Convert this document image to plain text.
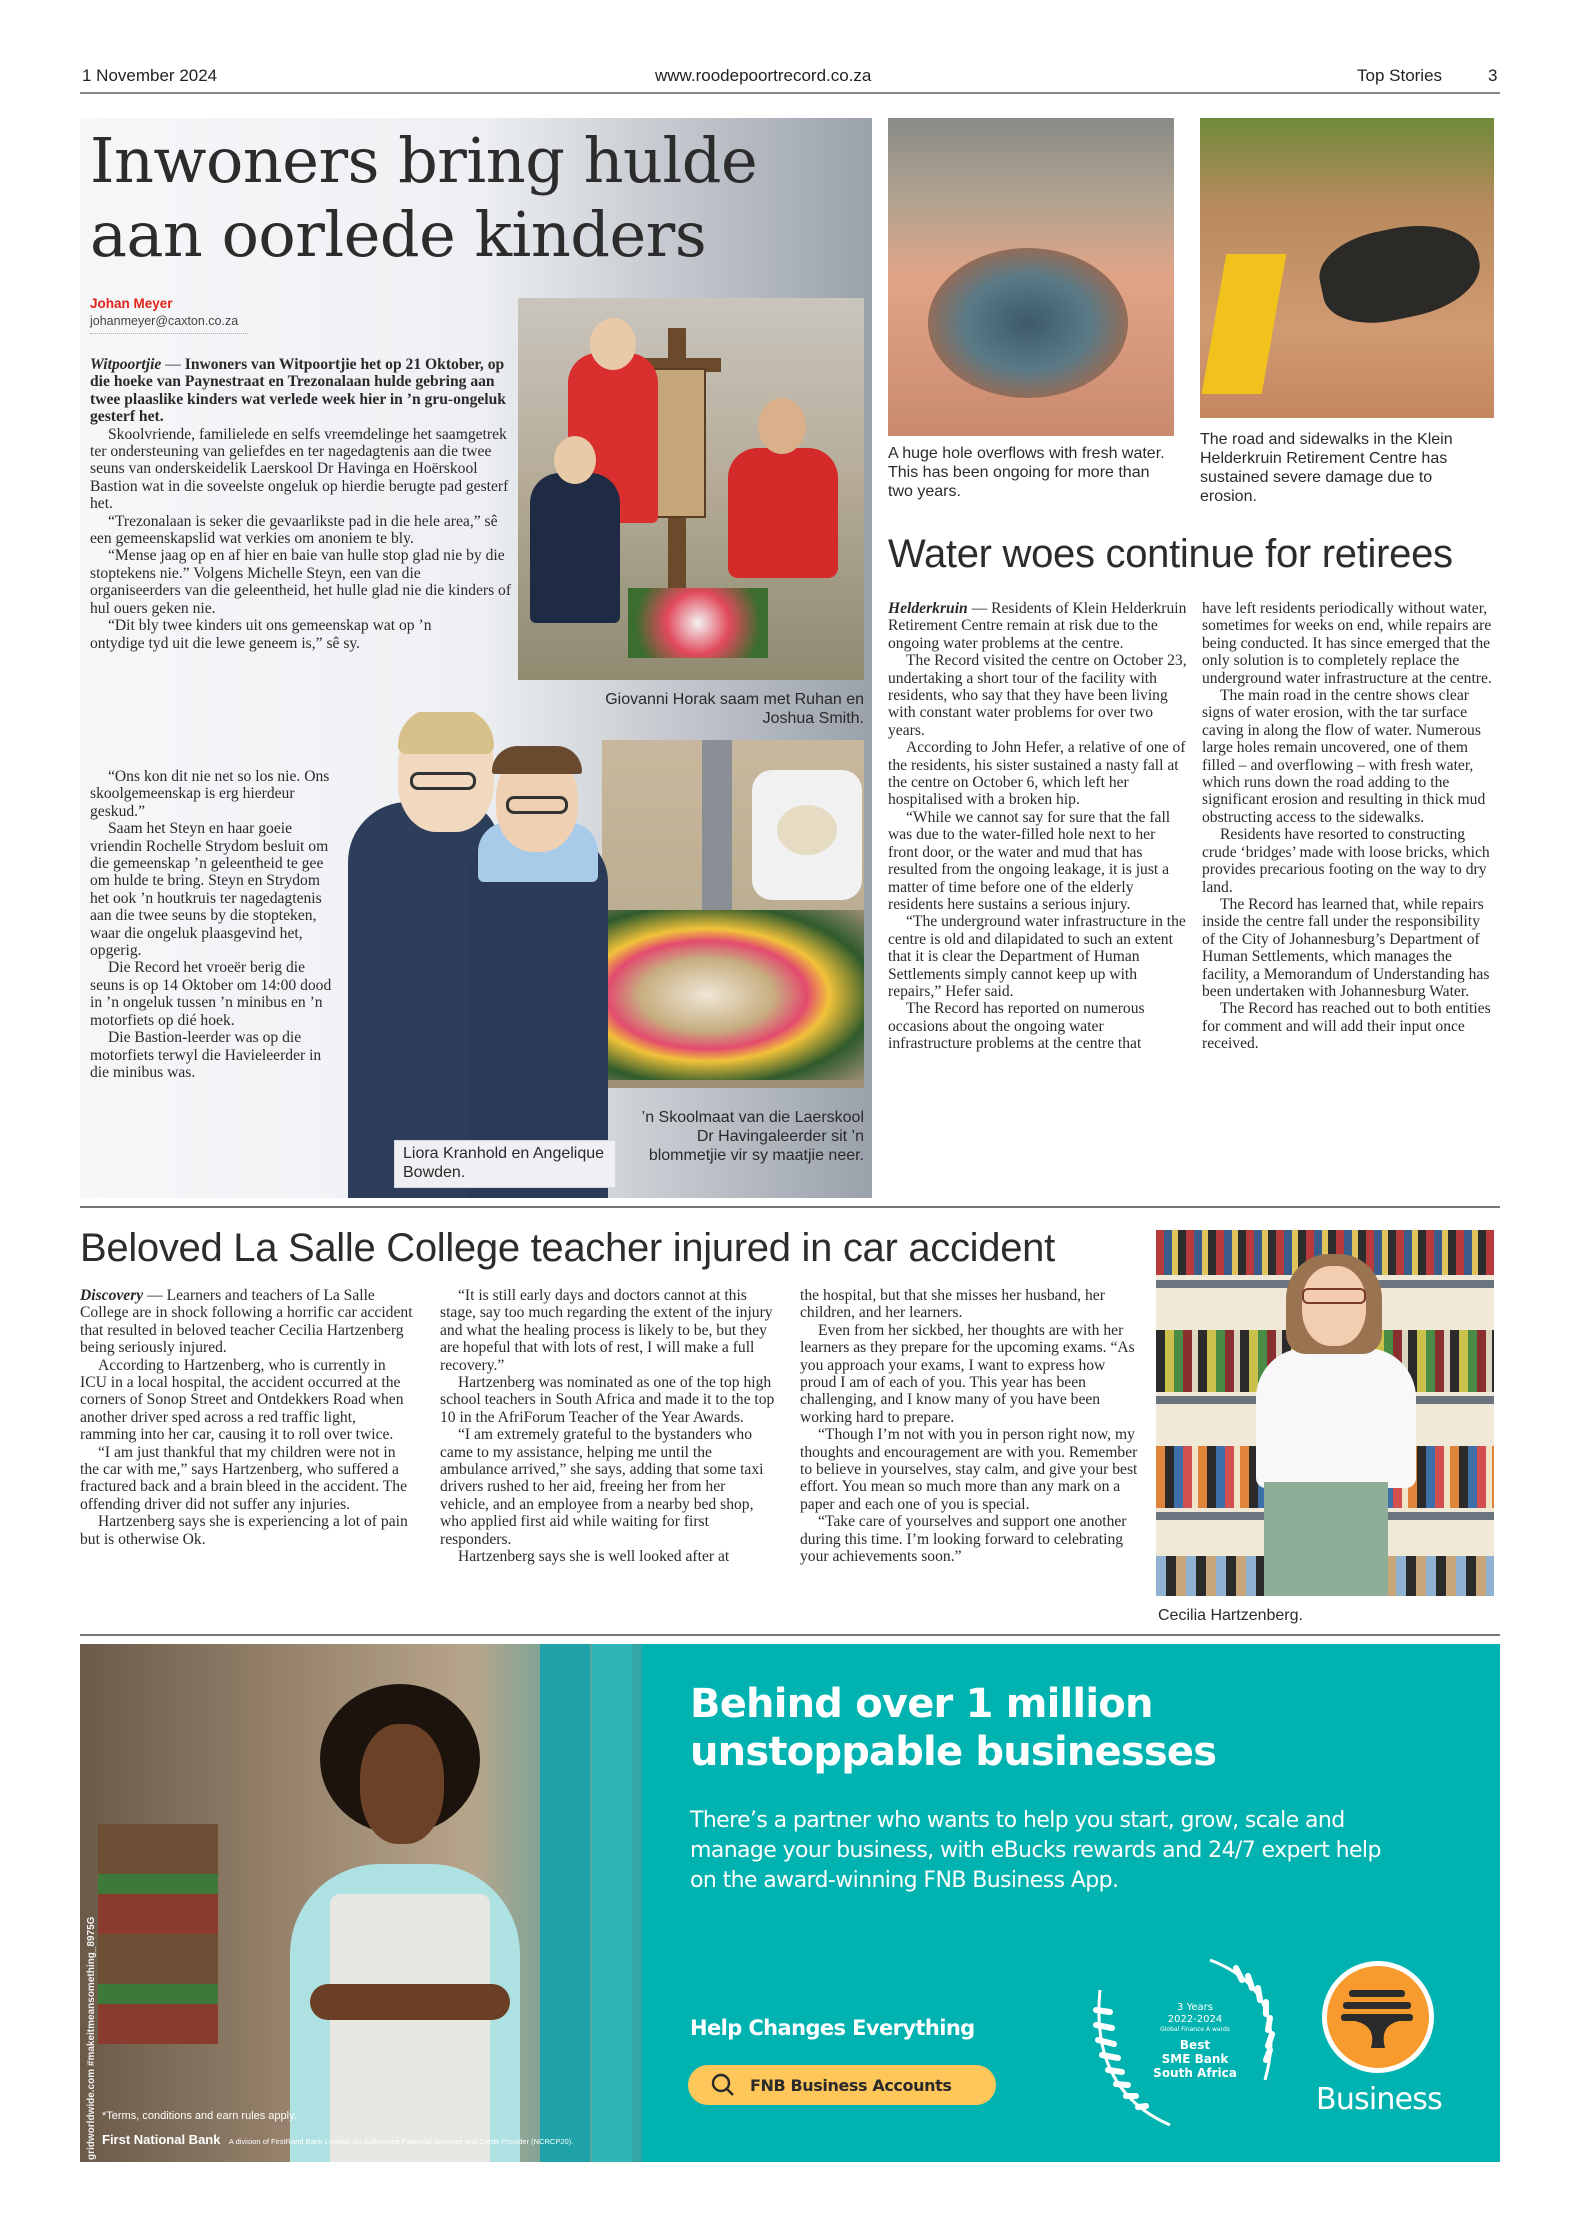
1 November 2024	www.roodepoortrecord.co.za	Top Stories	3
Inwoners bring hulde
aan oorlede kinders
Johan Meyer
johanmeyer@caxton.co.za

Witpoortjie — Inwoners van Witpoortjie het op 21 Oktober, op die hoeke van Paynestraat en Trezonalaan hulde gebring aan twee plaaslike kinders wat verlede week hier in ’n gru-ongeluk gesterf het.

Skoolvriende, familielede en selfs vreemdelinge het saamgetrek ter ondersteuning van geliefdes en ter nagedagtenis aan die twee seuns van onderskeidelik Laerskool Dr Havinga en Hoërskool Bastion wat in die soveelste ongeluk op hierdie berugte pad gesterf het.

“Trezonalaan is seker die gevaarlikste pad in die hele area,” sê een gemeenskapslid wat verkies om anoniem te bly.

“Mense jaag op en af hier en baie van hulle stop glad nie by die stoptekens nie.” Volgens Michelle Steyn, een van die organiseerders van die geleentheid, het hulle glad nie die kinders of hul ouers geken nie.

“Dit bly twee kinders uit ons gemeenskap wat op ’n ontydige tyd uit die lewe geneem is,” sê sy.

“Ons kon dit nie net so los nie. Ons skoolgemeenskap is erg hierdeur geskud.”

Saam het Steyn en haar goeie vriendin Rochelle Strydom besluit om die gemeenskap ’n geleentheid te gee om hulde te bring. Steyn en Strydom het ook ’n houtkruis ter nagedagtenis aan die twee seuns by die stopteken, waar die ongeluk plaasgevind het, opgerig.

Die Record het vroeër berig die seuns is op 14 Oktober om 14:00 dood in ’n ongeluk tussen ’n minibus en ’n motorfiets op dié hoek.

Die Bastion-leerder was op die motorfiets terwyl die Havieleerder in die minibus was.

Giovanni Horak saam met Ruhan en Joshua Smith.
’n Skoolmaat van die Laerskool Dr Havingaleerder sit ’n blommetjie vir sy maatjie neer.
Liora Kranhold en Angelique Bowden.
A huge hole overflows with fresh water. This has been ongoing for more than two years.
The road and sidewalks in the Klein Helderkruin Retirement Centre has sustained severe damage due to erosion.
Water woes continue for retirees

Helderkruin — Residents of Klein Helderkruin Retirement Centre remain at risk due to the ongoing water problems at the centre.

The Record visited the centre on October 23, undertaking a short tour of the facility with residents, who say that they have been living with constant water problems for over two years.

According to John Hefer, a relative of one of the residents, his sister sustained a nasty fall at the centre on October 6, which left her hospitalised with a broken hip.

“While we cannot say for sure that the fall was due to the water-filled hole next to her front door, or the water and mud that has resulted from the ongoing leakage, it is just a matter of time before one of the elderly residents here sustains a serious injury.

“The underground water infrastructure in the centre is old and dilapidated to such an extent that it is clear the Department of Human Settlements simply cannot keep up with repairs,” Hefer said.

The Record has reported on numerous occasions about the ongoing water infrastructure problems at the centre that

have left residents periodically without water, sometimes for weeks on end, while repairs are being conducted. It has since emerged that the only solution is to completely replace the underground water infrastructure at the centre.

The main road in the centre shows clear signs of water erosion, with the tar surface caving in along the flow of water. Numerous large holes remain uncovered, one of them filled – and overflowing – with fresh water, which runs down the road adding to the significant erosion and resulting in thick mud obstructing access to the sidewalks.

Residents have resorted to constructing crude ‘bridges’ made with loose bricks, which provides precarious footing on the way to dry land.

The Record has learned that, while repairs inside the centre fall under the responsibility of the City of Johannesburg’s Department of Human Settlements, which manages the facility, a Memorandum of Understanding has been undertaken with Johannesburg Water.

The Record has reached out to both entities for comment and will add their input once received.

Beloved La Salle College teacher injured in car accident

Discovery — Learners and teachers of La Salle College are in shock following a horrific car accident that resulted in beloved teacher Cecilia Hartzenberg being seriously injured.

According to Hartzenberg, who is currently in ICU in a local hospital, the accident occurred at the corners of Sonop Street and Ontdekkers Road when another driver sped across a red traffic light, ramming into her car, causing it to roll over twice.

“I am just thankful that my children were not in the car with me,” says Hartzenberg, who suffered a fractured back and a brain bleed in the accident. The offending driver did not suffer any injuries.

Hartzenberg says she is experiencing a lot of pain but is otherwise Ok.

“It is still early days and doctors cannot at this stage, say too much regarding the extent of the injury and what the healing process is likely to be, but they are hopeful that with lots of rest, I will make a full recovery.”

Hartzenberg was nominated as one of the top high school teachers in South Africa and made it to the top 10 in the AfriForum Teacher of the Year Awards.

“I am extremely grateful to the bystanders who came to my assistance, helping me until the ambulance arrived,” she says, adding that some taxi drivers rushed to her aid, freeing her from her vehicle, and an employee from a nearby bed shop, who applied first aid while waiting for first responders.

Hartzenberg says she is well looked after at

the hospital, but that she misses her husband, her children, and her learners.

Even from her sickbed, her thoughts are with her learners as they prepare for the upcoming exams. “As you approach your exams, I want to express how proud I am of each of you. This year has been challenging, and I know many of you have been working hard to prepare.

“Though I’m not with you in person right now, my thoughts and encouragement are with you. Remember to believe in yourselves, stay calm, and give your best effort. You mean so much more than any mark on a paper and each one of you is special.

“Take care of yourselves and support one another during this time. I’m looking forward to celebrating your achievements soon.”

Cecilia Hartzenberg.
gridworldwide.com #makeitmeansomething_8975G *Terms, conditions and earn rules apply.
First National Bank A division of FirstRand Bank Limited. An Authorised Financial Services and Credit Provider (NCRCP20).
Behind over 1 million
unstoppable businesses
There’s a partner who wants to help you start, grow, scale and manage your business, with eBucks rewards and 24/7 expert help on the award-winning FNB Business App.
Help Changes Everything
FNB Business Accounts
3 Years
2022-2024
Global Finance A wards
Best
SME Bank
South Africa
Business
